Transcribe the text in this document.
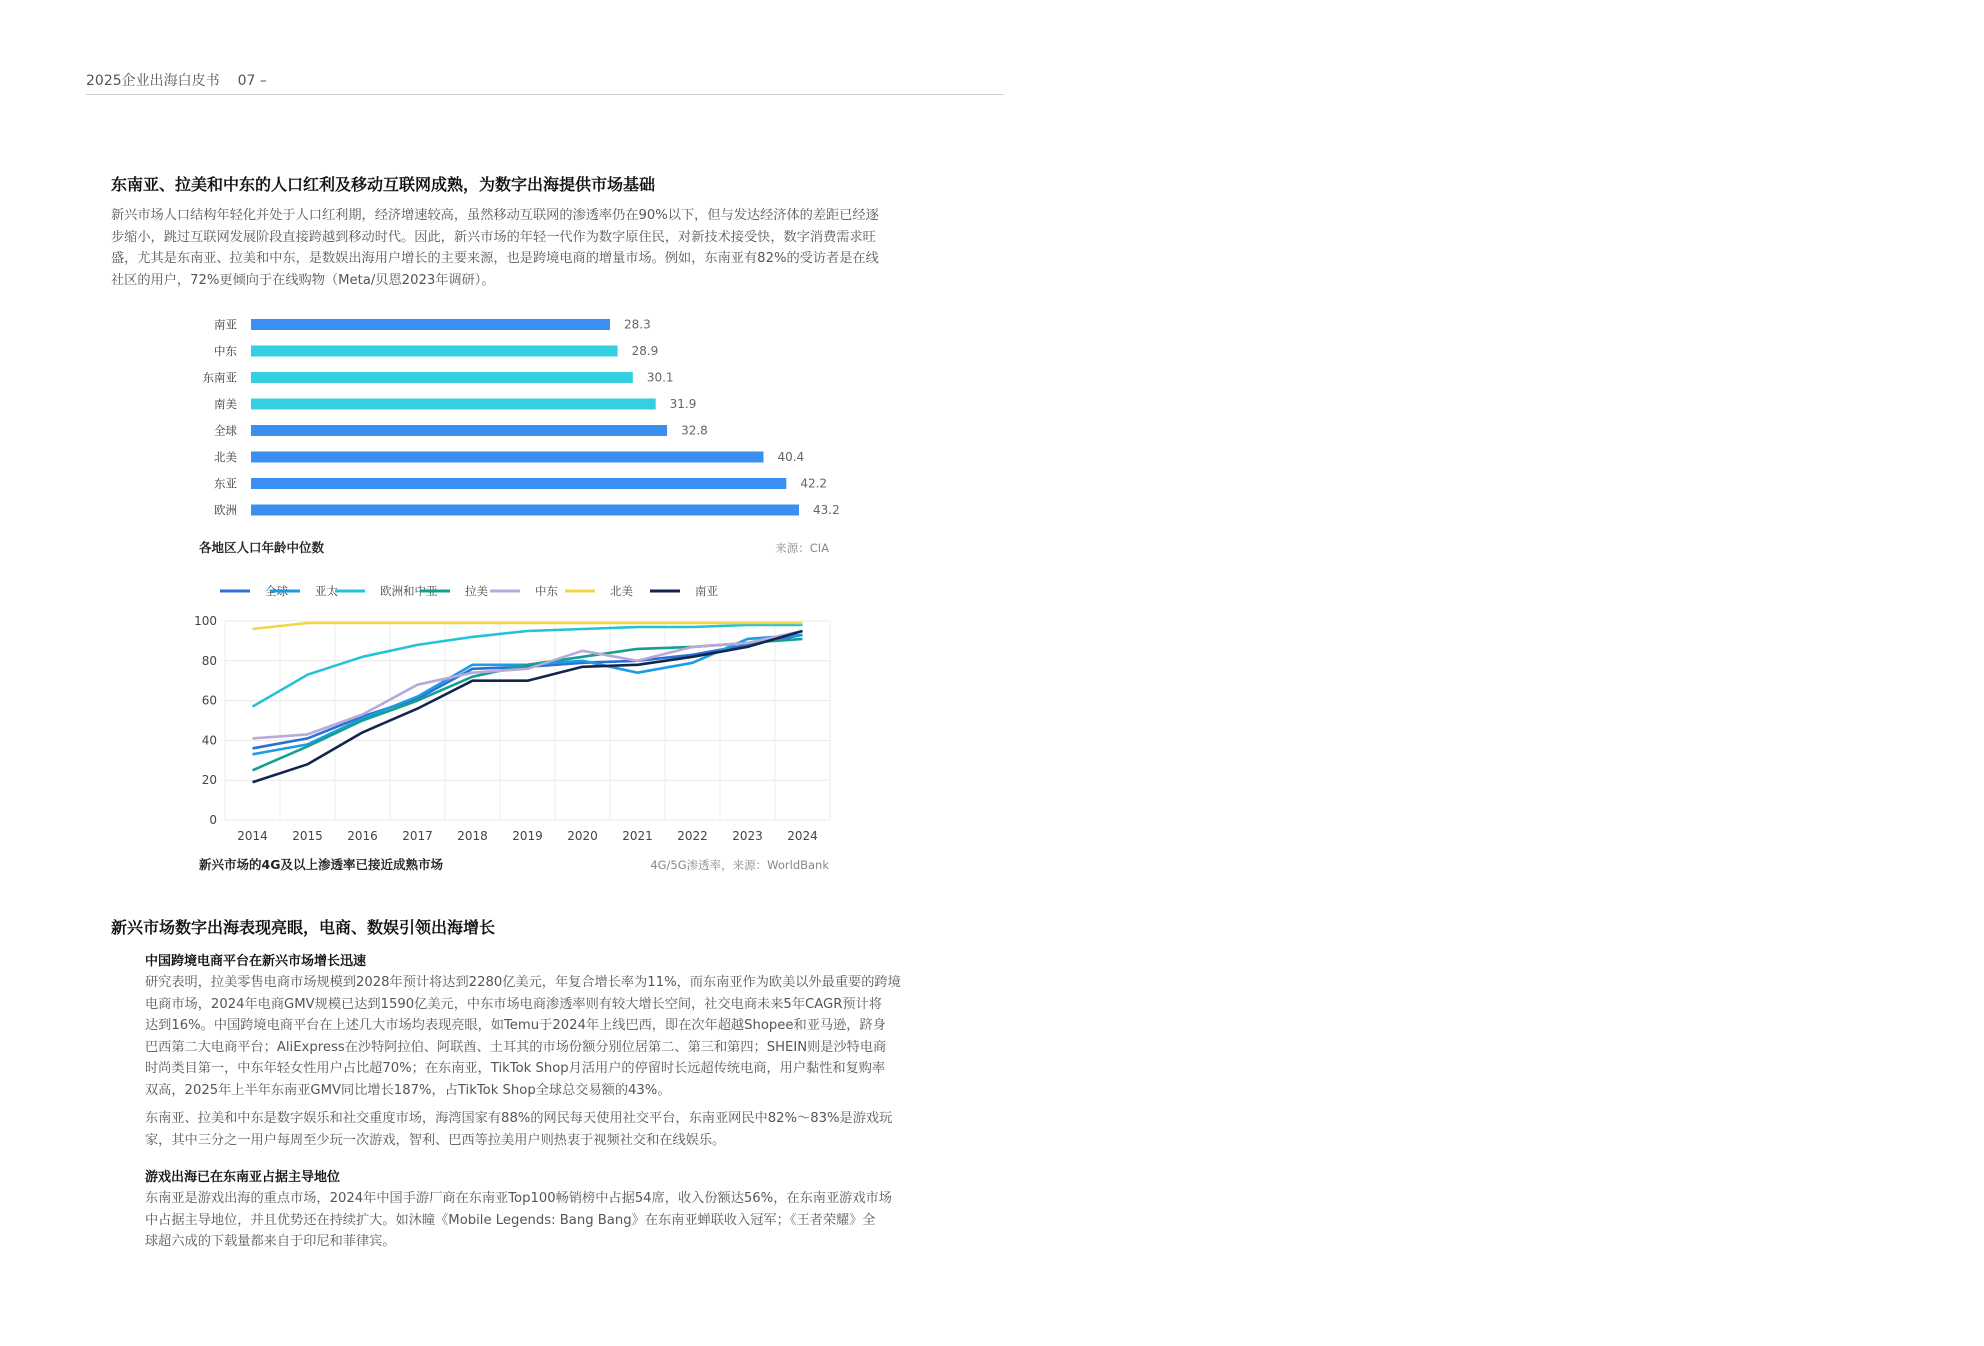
2025企业出海白皮书 07 –
东南亚、拉美和中东的人口红利及移动互联网成熟，为数字出海提供市场基础
新兴市场人口结构年轻化并处于人口红利期，经济增速较高，虽然移动互联网的渗透率仍在90%以下，但与发达经济体的差距已经逐
步缩小，跳过互联网发展阶段直接跨越到移动时代。因此，新兴市场的年轻一代作为数字原住民，对新技术接受快，数字消费需求旺
盛，尤其是东南亚、拉美和中东，是数娱出海用户增长的主要来源，也是跨境电商的增量市场。例如，东南亚有82%的受访者是在线
社区的用户，72%更倾向于在线购物（Meta/贝恩2023年调研）。
南亚	28.3
中东	28.9
东南亚	30.1
南美	31.9
全球	32.8
北美	40.4
东亚	42.2
欧洲	43.2
各地区人口年龄中位数	来源：CIA
全球 亚太	欧洲和中亚 拉美	中东	北美	南亚
0
20
40
60
80
100
2014 2015 2016 2017 2018 2019 2020 2021 2022 2023 2024
新兴市场的4G及以上渗透率已接近成熟市场	4G/5G渗透率，来源：WorldBank
新兴市场数字出海表现亮眼，电商、数娱引领出海增长
中国跨境电商平台在新兴市场增长迅速
研究表明，拉美零售电商市场规模到2028年预计将达到2280亿美元，年复合增长率为11%，而东南亚作为欧美以外最重要的跨境
电商市场，2024年电商GMV规模已达到1590亿美元，中东市场电商渗透率则有较大增长空间，社交电商未来5年CAGR预计将
达到16%。中国跨境电商平台在上述几大市场均表现亮眼，如Temu于2024年上线巴西，即在次年超越Shopee和亚马逊，跻身
巴西第二大电商平台；AliExpress在沙特阿拉伯、阿联酋、土耳其的市场份额分别位居第二、第三和第四；SHEIN则是沙特电商
时尚类目第一，中东年轻女性用户占比超70%；在东南亚，TikTok Shop月活用户的停留时长远超传统电商，用户黏性和复购率
双高，2025年上半年东南亚GMV同比增长187%，占TikTok Shop全球总交易额的43%。
东南亚、拉美和中东是数字娱乐和社交重度市场，海湾国家有88%的网民每天使用社交平台，东南亚网民中82%～83%是游戏玩
家，其中三分之一用户每周至少玩一次游戏，智利、巴西等拉美用户则热衷于视频社交和在线娱乐。
游戏出海已在东南亚占据主导地位
东南亚是游戏出海的重点市场，2024年中国手游厂商在东南亚Top100畅销榜中占据54席，收入份额达56%，在东南亚游戏市场
中占据主导地位，并且优势还在持续扩大。如沐瞳《Mobile Legends: Bang Bang》在东南亚蝉联收入冠军；《王者荣耀》全
球超六成的下载量都来自于印尼和菲律宾。
